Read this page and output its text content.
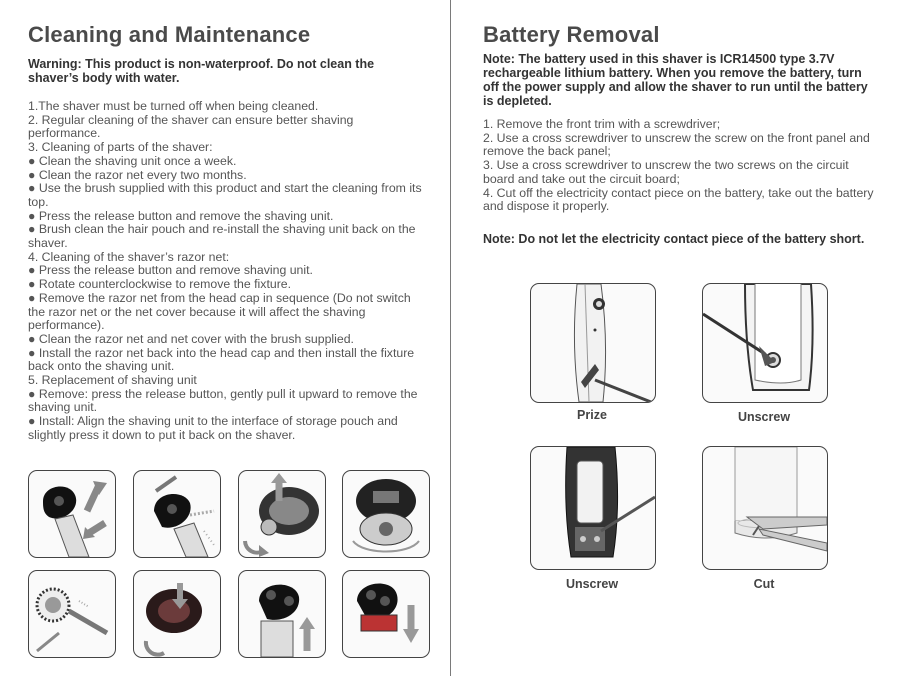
Cleaning and Maintenance

Warning: This product is non-waterproof. Do not clean the shaver’s body with water.

1.The shaver must be turned off when being cleaned.

2. Regular cleaning of the shaver can ensure better shaving performance.

3. Cleaning of parts of the shaver:

● Clean the shaving unit once a week.

● Clean the razor net every two months.

● Use the brush supplied with this product and start the cleaning from its top.

● Press the release button and remove the shaving unit.

● Brush clean the hair pouch and re-install the shaving unit back on the shaver.

4. Cleaning of the shaver’s razor net:

● Press the release button and remove shaving unit.

● Rotate counterclockwise to remove the fixture.

● Remove the razor net from the head cap in sequence (Do not switch the razor net or the net cover because it will affect the shaving performance).

● Clean the razor net and net cover with the brush supplied.

● Install the razor net back into the head cap and then install the fixture back onto the shaving unit.

5. Replacement of shaving unit

● Remove: press the release button, gently pull it upward to remove the shaving unit.

● Install: Align the shaving unit to the interface of storage pouch and slightly press it down to put it back on the shaver.

Battery Removal

Note: The battery used in this shaver is ICR14500 type 3.7V rechargeable lithium battery. When you remove the battery, turn off the power supply and allow the shaver to run until the battery is depleted.

1. Remove the front trim with a screwdriver;

2. Use a cross screwdriver to unscrew the screw on the front panel and remove the back panel;

3. Use a cross screwdriver to unscrew the two screws on the circuit board and take out the circuit board;

4. Cut off the electricity contact piece on the battery, take out the battery and dispose it properly.

Note: Do not let the electricity contact piece of the battery short.

Prize	Unscrew
Unscrew	Cut
